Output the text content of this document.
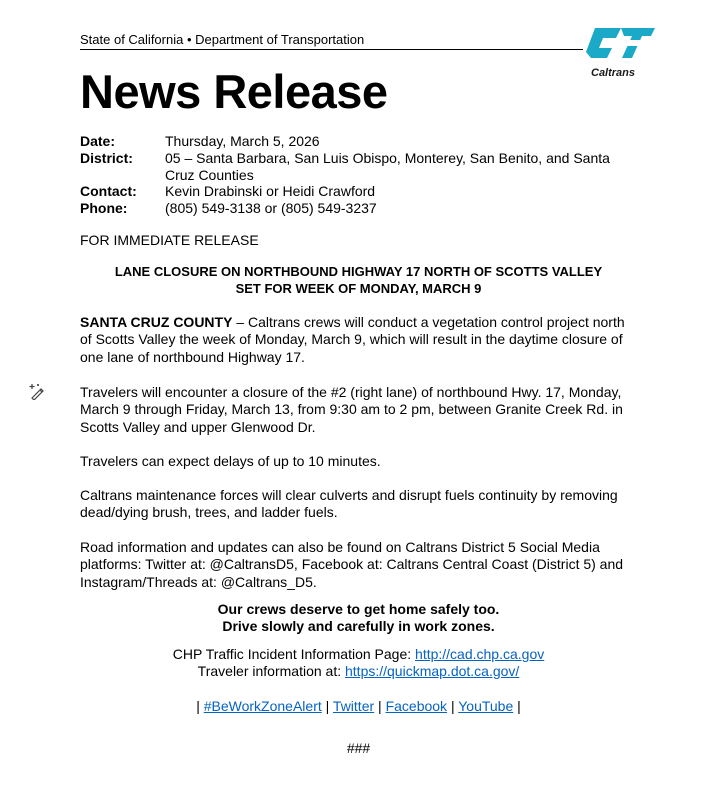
State of California • Department of Transportation
Caltrans
News Release
Date:	Thursday, March 5, 2026
District:	05 – Santa Barbara, San Luis Obispo, Monterey, San Benito, and Santa Cruz Counties
Contact:	Kevin Drabinski or Heidi Crawford
Phone:	(805) 549-3138 or (805) 549-3237
FOR IMMEDIATE RELEASE
LANE CLOSURE ON NORTHBOUND HIGHWAY 17 NORTH OF SCOTTS VALLEY
SET FOR WEEK OF MONDAY, MARCH 9
SANTA CRUZ COUNTY – Caltrans crews will conduct a vegetation control project north of Scotts Valley the week of Monday, March 9, which will result in the daytime closure of one lane of northbound Highway 17.
Travelers will encounter a closure of the #2 (right lane) of northbound Hwy. 17, Monday, March 9 through Friday, March 13, from 9:30 am to 2 pm, between Granite Creek Rd. in Scotts Valley and upper Glenwood Dr.
Travelers can expect delays of up to 10 minutes.
Caltrans maintenance forces will clear culverts and disrupt fuels continuity by removing dead/dying brush, trees, and ladder fuels.
Road information and updates can also be found on Caltrans District 5 Social Media platforms: Twitter at: @CaltransD5, Facebook at: Caltrans Central Coast (District 5) and Instagram/Threads at: @Caltrans_D5.
Our crews deserve to get home safely too.
Drive slowly and carefully in work zones.
CHP Traffic Incident Information Page: http://cad.chp.ca.gov
Traveler information at: https://quickmap.dot.ca.gov/
| #BeWorkZoneAlert | Twitter | Facebook | YouTube |
###
